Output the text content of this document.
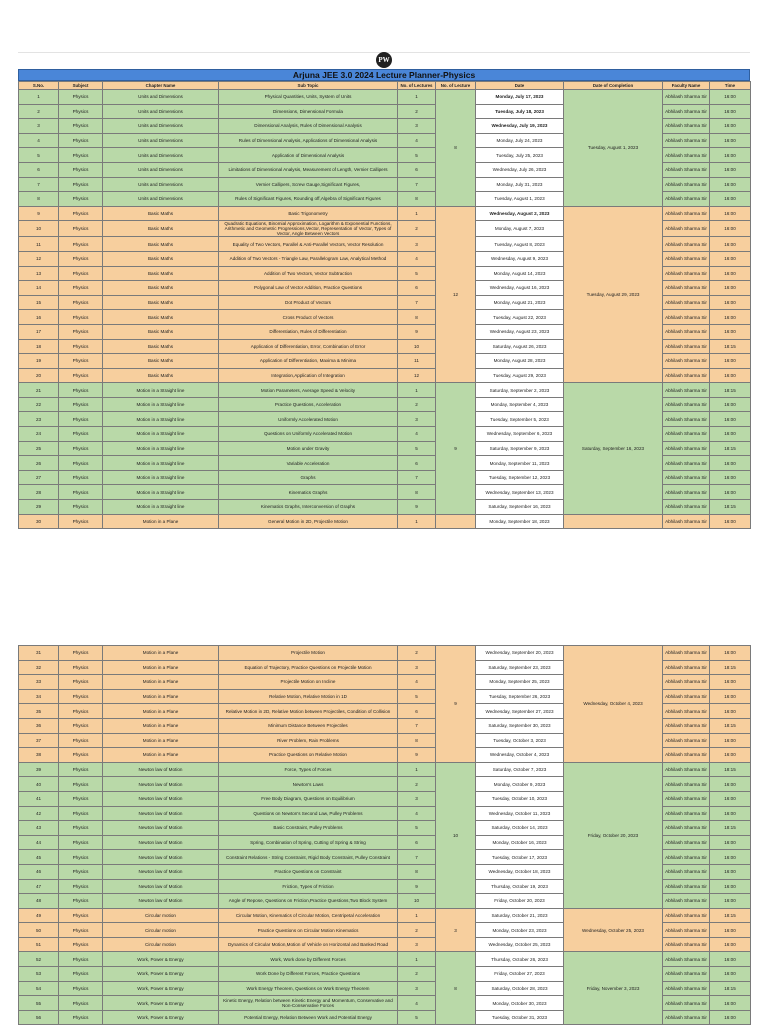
PW
Arjuna JEE 3.0 2024 Lecture Planner-Physics
S.No.	Subject	Chapter Name	Sub Topic	No. of Lectures	No. of Lecture	Date	Date of Completion	Faculty Name	Time
1	Physics	Units and Dimensions	Physical Quantities, Units, System of Units	1	8	Monday, July 17, 2023	Tuesday, August 1, 2023	Abhilash Sharma Sir	16:00
2	Physics	Units and Dimensions	Dimensions, Dimensional Formula	2		Tuesday, July 18, 2023		Abhilash Sharma Sir	16:00
3	Physics	Units and Dimensions	Dimensional Analysis, Rules of Dimensional Analysis	3		Wednesday, July 19, 2023		Abhilash Sharma Sir	16:00
4	Physics	Units and Dimensions	Rules of Dimensional Analysis, Applications of Dimensional Analysis	4		Monday, July 24, 2023		Abhilash Sharma Sir	16:00
5	Physics	Units and Dimensions	Application of Dimensional Analysis	5		Tuesday, July 25, 2023		Abhilash Sharma Sir	16:00
6	Physics	Units and Dimensions	Limitations of Dimensional Analysis, Measurement of Length, Vernier Callipers	6		Wednesday, July 26, 2023		Abhilash Sharma Sir	16:00
7	Physics	Units and Dimensions	Vernier Callipers, Screw Gauge,Significant Figures,	7		Monday, July 31, 2023		Abhilash Sharma Sir	16:00
8	Physics	Units and Dimensions	Rules of Significant Figures, Rounding off,Algebra of Significant Figures	8		Tuesday, August 1, 2023		Abhilash Sharma Sir	16:00
9	Physics	Basic Maths	Basic Trigonometry	1	12	Wednesday, August 2, 2023	Tuesday, August 29, 2023	Abhilash Sharma Sir	16:00
10	Physics	Basic Maths	Quadratic Equations, Binomial Approximation, Logarithm & Exponential Functions, Arithmetic and Geometric Progressions,Vector, Representation of Vector, Types of Vector, Angle Between Vectors	2		Monday, August 7, 2023		Abhilash Sharma Sir	16:00
11	Physics	Basic Maths	Equality of Two Vectors, Parallel & Anti-Parallel Vectors, Vector Resolution	3		Tuesday, August 8, 2023		Abhilash Sharma Sir	16:00
12	Physics	Basic Maths	Addition of Two Vectors - Triangle Law, Parallelogram Law, Analytical Method	4		Wednesday, August 9, 2023		Abhilash Sharma Sir	16:00
13	Physics	Basic Maths	Addition of Two Vectors, Vector Subtraction	5		Monday, August 14, 2023		Abhilash Sharma Sir	16:00
14	Physics	Basic Maths	Polygonal Law of Vector Addition, Practice Questions	6		Wednesday, August 16, 2023		Abhilash Sharma Sir	16:00
15	Physics	Basic Maths	Dot Product of Vectors	7		Monday, August 21, 2023		Abhilash Sharma Sir	16:00
16	Physics	Basic Maths	Cross Product of Vectors	8		Tuesday, August 22, 2023		Abhilash Sharma Sir	16:00
17	Physics	Basic Maths	Differentiation, Rules of Differentiation	9		Wednesday, August 23, 2023		Abhilash Sharma Sir	16:00
18	Physics	Basic Maths	Application of Differentiation, Error, Combination of Error	10		Saturday, August 26, 2023		Abhilash Sharma Sir	18:15
19	Physics	Basic Maths	Application of Differentiation, Maxima & Minima	11		Monday, August 28, 2023		Abhilash Sharma Sir	16:00
20	Physics	Basic Maths	Integration,Application of Integration	12		Tuesday, August 29, 2023		Abhilash Sharma Sir	16:00
21	Physics	Motion in a Straight line	Motion Parameters, Average Speed & Velocity	1	9	Saturday, September 2, 2023	Saturday, September 16, 2023	Abhilash Sharma Sir	18:15
22	Physics	Motion in a Straight line	Practice Questions, Acceleration	2		Monday, September 4, 2023		Abhilash Sharma Sir	16:00
23	Physics	Motion in a Straight line	Uniformly Accelerated Motion	3		Tuesday, September 5, 2023		Abhilash Sharma Sir	16:00
24	Physics	Motion in a Straight line	Questions on Uniformly Accelerated Motion	4		Wednesday, September 6, 2023		Abhilash Sharma Sir	16:00
25	Physics	Motion in a Straight line	Motion under Gravity	5		Saturday, September 9, 2023		Abhilash Sharma Sir	18:15
26	Physics	Motion in a Straight line	Variable Acceleration	6		Monday, September 11, 2023		Abhilash Sharma Sir	16:00
27	Physics	Motion in a Straight line	Graphs	7		Tuesday, September 12, 2023		Abhilash Sharma Sir	16:00
28	Physics	Motion in a Straight line	Kinematics Graphs	8		Wednesday, September 13, 2023		Abhilash Sharma Sir	16:00
29	Physics	Motion in a Straight line	Kinematics Graphs, Interconversion of Graphs	9		Saturday, September 16, 2023		Abhilash Sharma Sir	18:15
30	Physics	Motion in a Plane	General Motion in 2D, Projectile Motion	1		Monday, September 18, 2023		Abhilash Sharma Sir	16:00
31	Physics	Motion in a Plane	Projectile Motion	2	9	Wednesday, September 20, 2023	Wednesday, October 4, 2023	Abhilash Sharma Sir	16:00
32	Physics	Motion in a Plane	Equation of Trajectory, Practice Questions on Projectile Motion	3		Saturday, September 23, 2023		Abhilash Sharma Sir	18:15
33	Physics	Motion in a Plane	Projectile Motion on Incline	4		Monday, September 25, 2023		Abhilash Sharma Sir	16:00
34	Physics	Motion in a Plane	Relative Motion, Relative Motion in 1D	5		Tuesday, September 26, 2023		Abhilash Sharma Sir	16:00
35	Physics	Motion in a Plane	Relative Motion in 2D, Relative Motion between Projectiles, Condition of Collision	6		Wednesday, September 27, 2023		Abhilash Sharma Sir	16:00
36	Physics	Motion in a Plane	Minimum Distance Between Projectiles	7		Saturday, September 30, 2023		Abhilash Sharma Sir	18:15
37	Physics	Motion in a Plane	River Problem, Rain Problems	8		Tuesday, October 3, 2023		Abhilash Sharma Sir	16:00
38	Physics	Motion in a Plane	Practice Questions on Relative Motion	9		Wednesday, October 4, 2023		Abhilash Sharma Sir	16:00
39	Physics	Newton law of Motion	Force, Types of Forces	1	10	Saturday, October 7, 2023	Friday, October 20, 2023	Abhilash Sharma Sir	18:15
40	Physics	Newton law of Motion	Newton's Laws	2		Monday, October 9, 2023		Abhilash Sharma Sir	16:00
41	Physics	Newton law of Motion	Free Body Diagram, Questions on Equilibrium	3		Tuesday, October 10, 2023		Abhilash Sharma Sir	16:00
42	Physics	Newton law of Motion	Questions on Newton's Second Law, Pulley Problems	4		Wednesday, October 11, 2023		Abhilash Sharma Sir	16:00
43	Physics	Newton law of Motion	Basic Constraint, Pulley Problems	5		Saturday, October 14, 2023		Abhilash Sharma Sir	18:15
44	Physics	Newton law of Motion	Spring, Combination of Spring, Cutting of Spring & String	6		Monday, October 16, 2023		Abhilash Sharma Sir	16:00
45	Physics	Newton law of Motion	Constraint Relations - String Constraint, Rigid Body Constraint, Pulley Constraint	7		Tuesday, October 17, 2023		Abhilash Sharma Sir	16:00
46	Physics	Newton law of Motion	Practice Questions on Constraint	8		Wednesday, October 18, 2023		Abhilash Sharma Sir	16:00
47	Physics	Newton law of Motion	Friction, Types of Friction	9		Thursday, October 19, 2023		Abhilash Sharma Sir	16:00
48	Physics	Newton law of Motion	Angle of Repose, Questions on Friction,Practice Questions,Two Block System	10		Friday, October 20, 2023		Abhilash Sharma Sir	16:00
49	Physics	Circular motion	Circular Motion, Kinematics of Circular Motion, Centripetal Acceleration	1	3	Saturday, October 21, 2023	Wednesday, October 25, 2023	Abhilash Sharma Sir	18:15
50	Physics	Circular motion	Practice Questions on Circular Motion Kinematics	2		Monday, October 23, 2023		Abhilash Sharma Sir	16:00
51	Physics	Circular motion	Dynamics of Circular Motion,Motion of Vehicle on Horizontal and Banked Road	3		Wednesday, October 25, 2023		Abhilash Sharma Sir	16:00
52	Physics	Work, Power & Energy	Work, Work done by Different Forces	1	8	Thursday, October 26, 2023	Friday, November 3, 2023	Abhilash Sharma Sir	16:00
53	Physics	Work, Power & Energy	Work Done by Different Forces, Practice Questions	2		Friday, October 27, 2023		Abhilash Sharma Sir	16:00
54	Physics	Work, Power & Energy	Work Energy Theorem, Questions on Work Energy Theorem	3		Saturday, October 28, 2023		Abhilash Sharma Sir	18:15
55	Physics	Work, Power & Energy	Kinetic Energy, Relation between Kinetic Energy and Momentum, Conservative and Non-Conservative Forces	4		Monday, October 30, 2023		Abhilash Sharma Sir	16:00
56	Physics	Work, Power & Energy	Potential Energy, Relation Between Work and Potential Energy	5		Tuesday, October 31, 2023		Abhilash Sharma Sir	16:00
